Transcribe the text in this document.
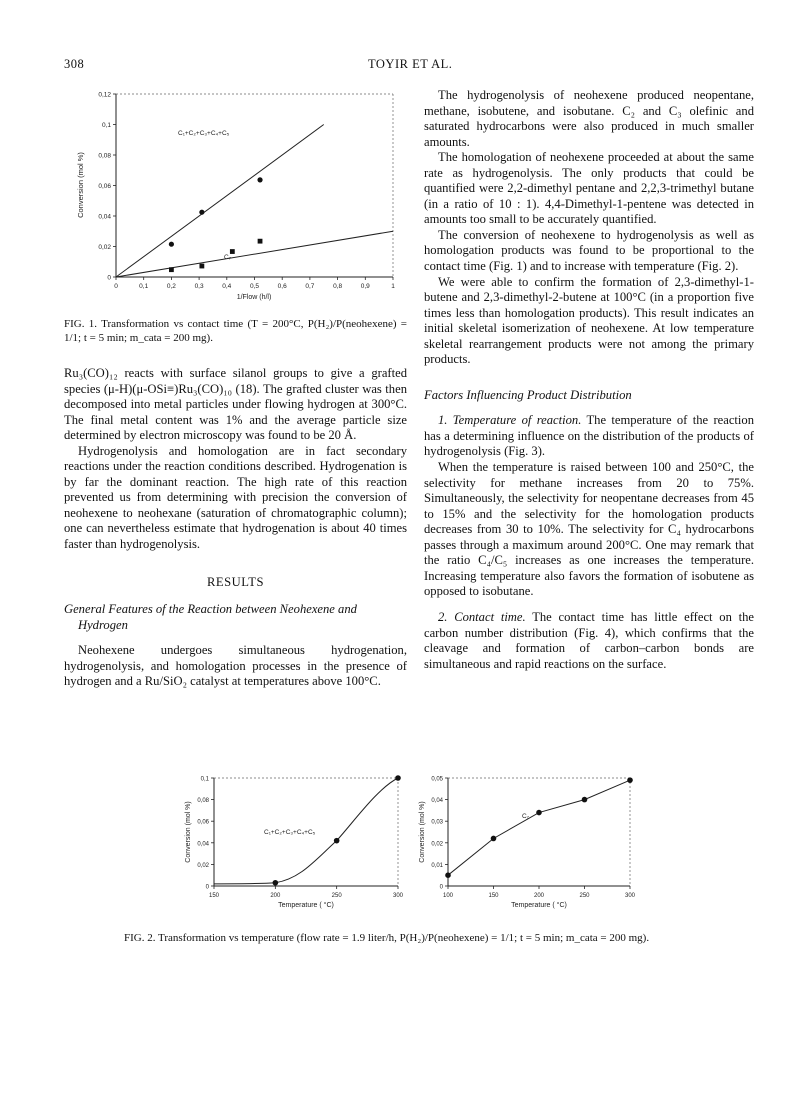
308	TOYIR ET AL.
0	0,1	0,2	0,3	0,4	0,5	0,6	0,7	0,8	0,9	1
0
0,02
0,04
0,06
0,08
0,1
0,12
C₁+C₂+C₃+C₄+C₅
C₇
1/Flow (h/l)
Conversion (mol %)
FIG. 1. Transformation vs contact time (T = 200°C, P(H₂)/P(neohexene) = 1/1; t = 5 min; m_cata = 200 mg).

Ru₃(CO)₁₂ reacts with surface silanol groups to give a grafted species (μ-H)(μ-OSi≡)Ru₃(CO)₁₀ (18). The grafted cluster was then decomposed into metal particles under flowing hydrogen at 300°C. The final metal content was 1% and the average particle size determined by electron microscopy was found to be 20 Å.

Hydrogenolysis and homologation are in fact secondary reactions under the reaction conditions described. Hydrogenation is by far the dominant reaction. The high rate of this reaction prevented us from determining with precision the conversion of neohexene to neohexane (saturation of chromatographic column); one can nevertheless estimate that hydrogenation is about 40 times faster than hydrogenolysis.

RESULTS

General Features of the Reaction between Neohexene and Hydrogen

Neohexene undergoes simultaneous hydrogenation, hydrogenolysis, and homologation processes in the presence of hydrogen and a Ru/SiO₂ catalyst at temperatures above 100°C.

The hydrogenolysis of neohexene produced neopentane, methane, isobutene, and isobutane. C₂ and C₃ olefinic and saturated hydrocarbons were also produced in much smaller amounts.

The homologation of neohexene proceeded at about the same rate as hydrogenolysis. The only products that could be quantified were 2,2-dimethyl pentane and 2,2,3-trimethyl butane (in a ratio of 10 : 1). 4,4-Dimethyl-1-pentene was detected in amounts too small to be accurately quantified.

The conversion of neohexene to hydrogenolysis as well as homologation products was found to be proportional to the contact time (Fig. 1) and to increase with temperature (Fig. 2).

We were able to confirm the formation of 2,3-dimethyl-1-butene and 2,3-dimethyl-2-butene at 100°C (in a proportion five times less than homologation products). This result indicates an initial skeletal isomerization of neohexene. At low temperature skeletal rearrangement products were not among the primary products.

Factors Influencing Product Distribution

1. Temperature of reaction. The temperature of the reaction has a determining influence on the distribution of the products of hydrogenolysis (Fig. 3).

When the temperature is raised between 100 and 250°C, the selectivity for methane increases from 20 to 75%. Simultaneously, the selectivity for neopentane decreases from 45 to 15% and the selectivity for the homologation products decreases from 30 to 10%. The selectivity for C₄ hydrocarbons passes through a maximum around 200°C. One may remark that the ratio C₄/C₅ increases as one increases the temperature. Increasing temperature also favors the formation of isobutene as opposed to isobutane.

2. Contact time. The contact time has little effect on the carbon number distribution (Fig. 4), which confirms that the cleavage and formation of carbon–carbon bonds are simultaneous and rapid reactions on the surface.

150	200	250	300
0
0,02
0,04
0,06
0,08
0,1
C₁+C₂+C₃+C₄+C₅
Temperature ( °C)
Conversion (mol %)
100	150	200	250	300
0
0,01
0,02
0,03
0,04
0,05
C₇
Temperature ( °C)
Conversion (mol %)
FIG. 2. Transformation vs temperature (flow rate = 1.9 liter/h, P(H₂)/P(neohexene) = 1/1; t = 5 min; m_cata = 200 mg).
